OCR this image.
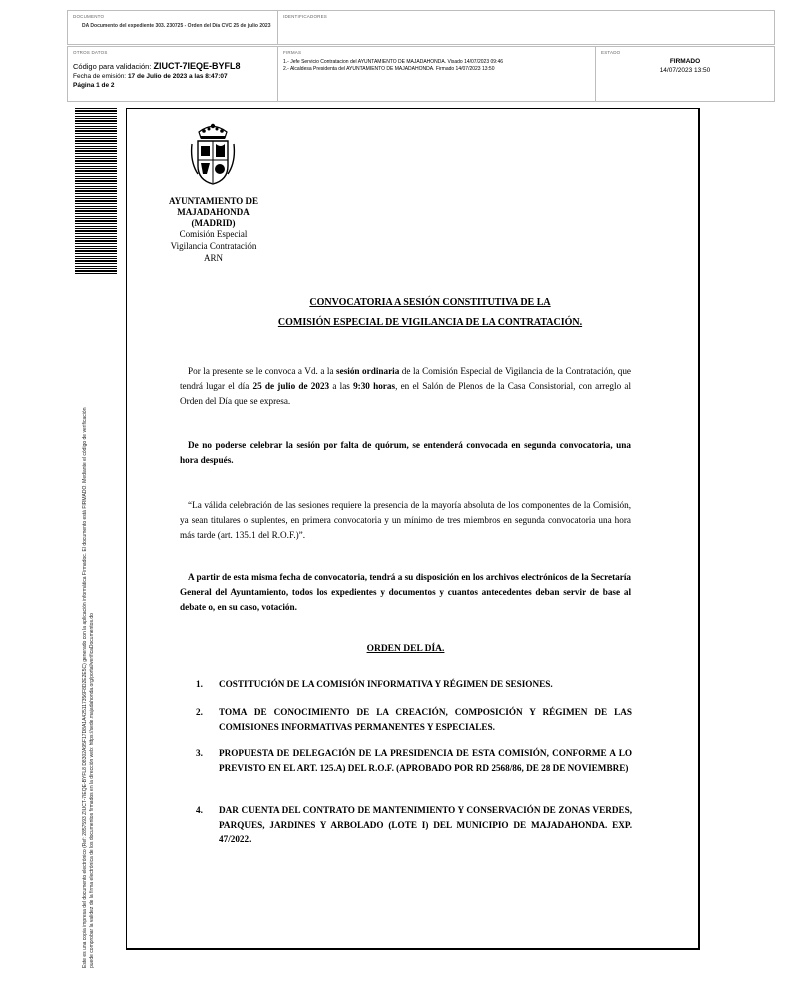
DOCUMENTO
DA Documento del expediente 303. 230725 - Orden del Día CVC 25 de julio 2023
IDENTIFICADORES
OTROS DATOS
Código para validación: ZIUCT-7IEQE-BYFL8
Fecha de emisión: 17 de Julio de 2023 a las 8:47:07
Página 1 de 2
FIRMAS
1.- Jefe Servicio Contratacion del AYUNTAMIENTO DE MAJADAHONDA. Visado 14/07/2023 09:46
2.- Alcaldesa Presidenta del AYUNTAMIENTO DE MAJADAHONDA. Firmado 14/07/2023 13:50
ESTADO
FIRMADO
14/07/2023 13:50
Este es una copia impresa del documento electrónico (Ref: 2857593 ZIUCT-7IEQE-BYFL8 D8302A95F17D8A1A425117356F8D2E2E5C) generado con la aplicación informática Firmadoc. El documento está FIRMADO. Mediante el código de verificación puede comprobar la validez de la firma electrónica de los documentos firmados en la dirección web: https://sede.majadahonda.org/portal/verificaDocumentos.do
AYUNTAMIENTO DE
MAJADAHONDA
(MADRID)
Comisión Especial
Vigilancia Contratación
ARN
CONVOCATORIA A SESIÓN CONSTITUTIVA DE LA
COMISIÓN ESPECIAL DE VIGILANCIA DE LA CONTRATACIÓN.
Por la presente se le convoca a Vd. a la sesión ordinaria de la Comisión Especial de Vigilancia de la Contratación, que tendrá lugar el día 25 de julio de 2023 a las 9:30 horas, en el Salón de Plenos de la Casa Consistorial, con arreglo al Orden del Día que se expresa.
De no poderse celebrar la sesión por falta de quórum, se entenderá convocada en segunda convocatoria, una hora después.
“La válida celebración de las sesiones requiere la presencia de la mayoría absoluta de los componentes de la Comisión, ya sean titulares o suplentes, en primera convocatoria y un mínimo de tres miembros en segunda convocatoria una hora más tarde (art. 135.1 del R.O.F.)”.
A partir de esta misma fecha de convocatoria, tendrá a su disposición en los archivos electrónicos de la Secretaría General del Ayuntamiento, todos los expedientes y documentos y cuantos antecedentes deban servir de base al debate o, en su caso, votación.
ORDEN DEL DÍA.
1.	COSTITUCIÓN DE LA COMISIÓN INFORMATIVA Y RÉGIMEN DE SESIONES.
2.	TOMA DE CONOCIMIENTO DE LA CREACIÓN, COMPOSICIÓN Y RÉGIMEN DE LAS COMISIONES INFORMATIVAS PERMANENTES Y ESPECIALES.
3.	PROPUESTA DE DELEGACIÓN DE LA PRESIDENCIA DE ESTA COMISIÓN, CONFORME A LO PREVISTO EN EL ART. 125.A) DEL R.O.F. (APROBADO POR RD 2568/86, DE 28 DE NOVIEMBRE)
4.	DAR CUENTA DEL CONTRATO DE MANTENIMIENTO Y CONSERVACIÓN DE ZONAS VERDES, PARQUES, JARDINES Y ARBOLADO (LOTE I) DEL MUNICIPIO DE MAJADAHONDA. EXP. 47/2022.
